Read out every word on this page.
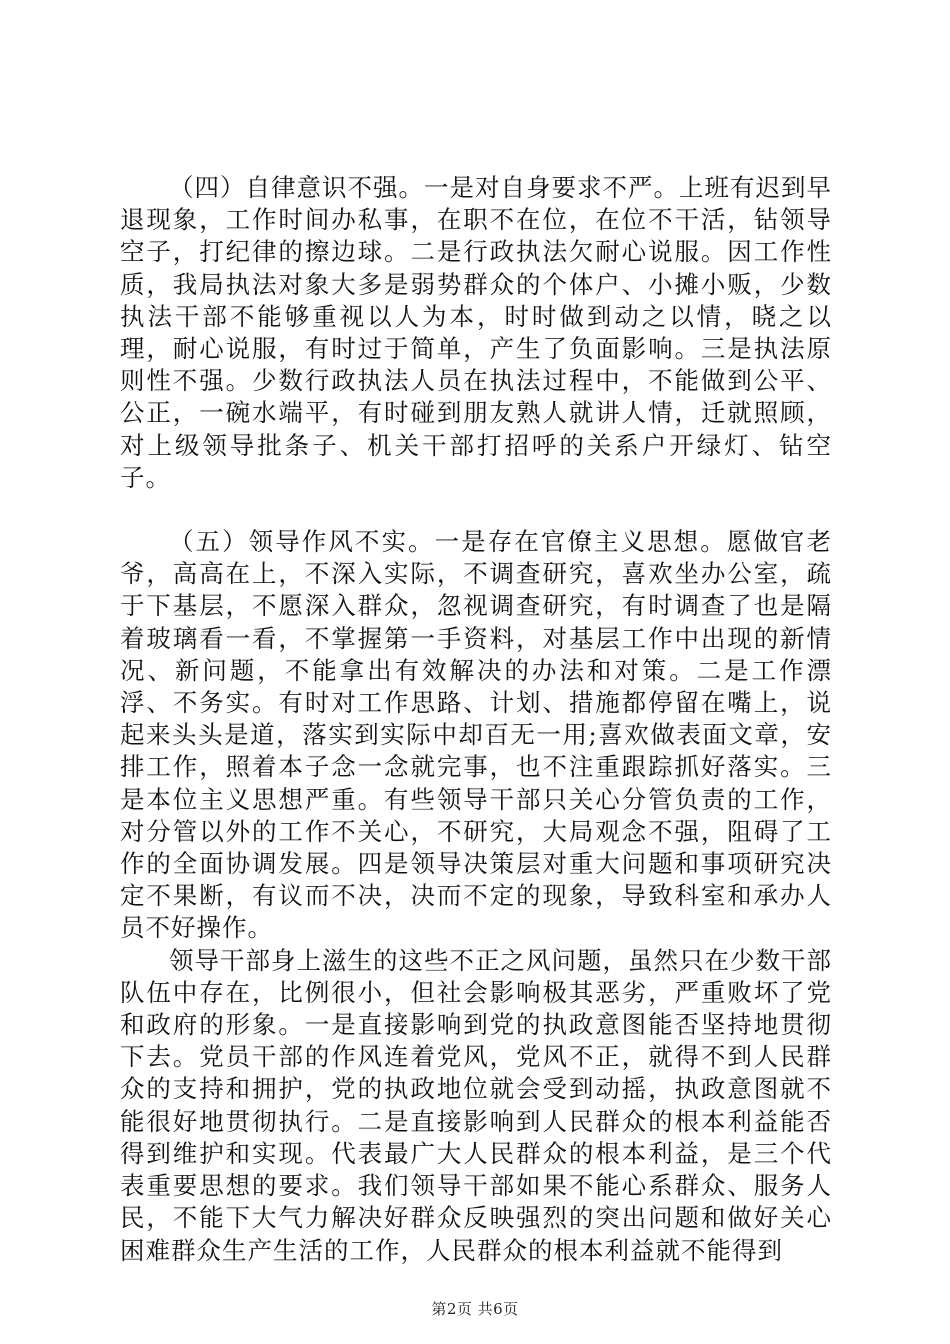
（四）自律意识不强。一是对自身要求不严。上班有迟到早退现象，工作时间办私事，在职不在位，在位不干活，钻领导空子，打纪律的擦边球。二是行政执法欠耐心说服。因工作性质，我局执法对象大多是弱势群众的个体户、小摊小贩，少数执法干部不能够重视以人为本，时时做到动之以情，晓之以理，耐心说服，有时过于简单，产生了负面影响。三是执法原则性不强。少数行政执法人员在执法过程中，不能做到公平、公正，一碗水端平，有时碰到朋友熟人就讲人情，迁就照顾，对上级领导批条子、机关干部打招呼的关系户开绿灯、钻空子。

（五）领导作风不实。一是存在官僚主义思想。愿做官老爷，高高在上，不深入实际，不调查研究，喜欢坐办公室，疏于下基层，不愿深入群众，忽视调查研究，有时调查了也是隔着玻璃看一看，不掌握第一手资料，对基层工作中出现的新情况、新问题，不能拿出有效解决的办法和对策。二是工作漂浮、不务实。有时对工作思路、计划、措施都停留在嘴上，说起来头头是道，落实到实际中却百无一用;喜欢做表面文章，安排工作，照着本子念一念就完事，也不注重跟踪抓好落实。三是本位主义思想严重。有些领导干部只关心分管负责的工作，对分管以外的工作不关心，不研究，大局观念不强，阻碍了工作的全面协调发展。四是领导决策层对重大问题和事项研究决定不果断，有议而不决，决而不定的现象，导致科室和承办人员不好操作。

领导干部身上滋生的这些不正之风问题，虽然只在少数干部队伍中存在，比例很小，但社会影响极其恶劣，严重败坏了党和政府的形象。一是直接影响到党的执政意图能否坚持地贯彻下去。党员干部的作风连着党风，党风不正，就得不到人民群众的支持和拥护，党的执政地位就会受到动摇，执政意图就不能很好地贯彻执行。二是直接影响到人民群众的根本利益能否得到维护和实现。代表最广大人民群众的根本利益，是三个代表重要思想的要求。我们领导干部如果不能心系群众、服务人民，不能下大气力解决好群众反映强烈的突出问题和做好关心困难群众生产生活的工作，人民群众的根本利益就不能得到

第2页 共6页
